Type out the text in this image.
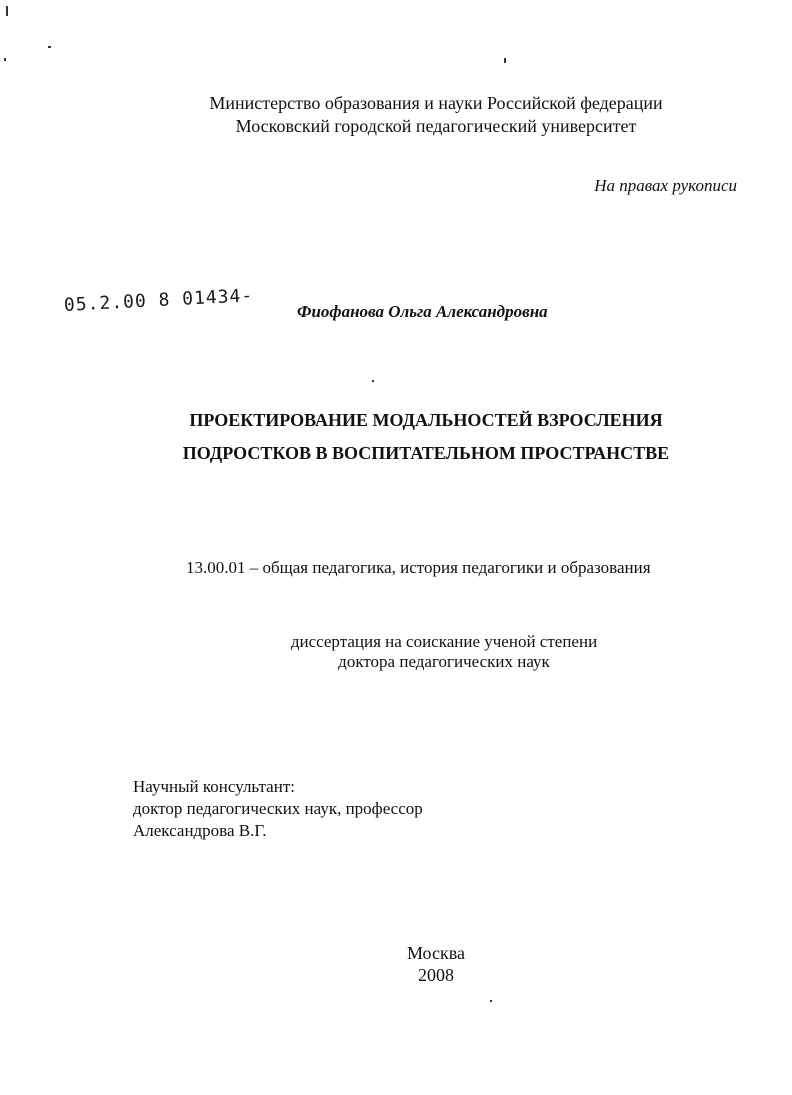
Министерство образования и науки Российской федерации
Московский городской педагогический университет
На правах рукописи
05.2.00 8 01434-	Фиофанова Ольга Александровна
ПРОЕКТИРОВАНИЕ МОДАЛЬНОСТЕЙ ВЗРОСЛЕНИЯ
ПОДРОСТКОВ В ВОСПИТАТЕЛЬНОМ ПРОСТРАНСТВЕ
13.00.01 – общая педагогика, история педагогики и образования
диссертация на соискание ученой степени
доктора педагогических наук
Научный консультант:
доктор педагогических наук, профессор
Александрова В.Г.
Москва
2008
